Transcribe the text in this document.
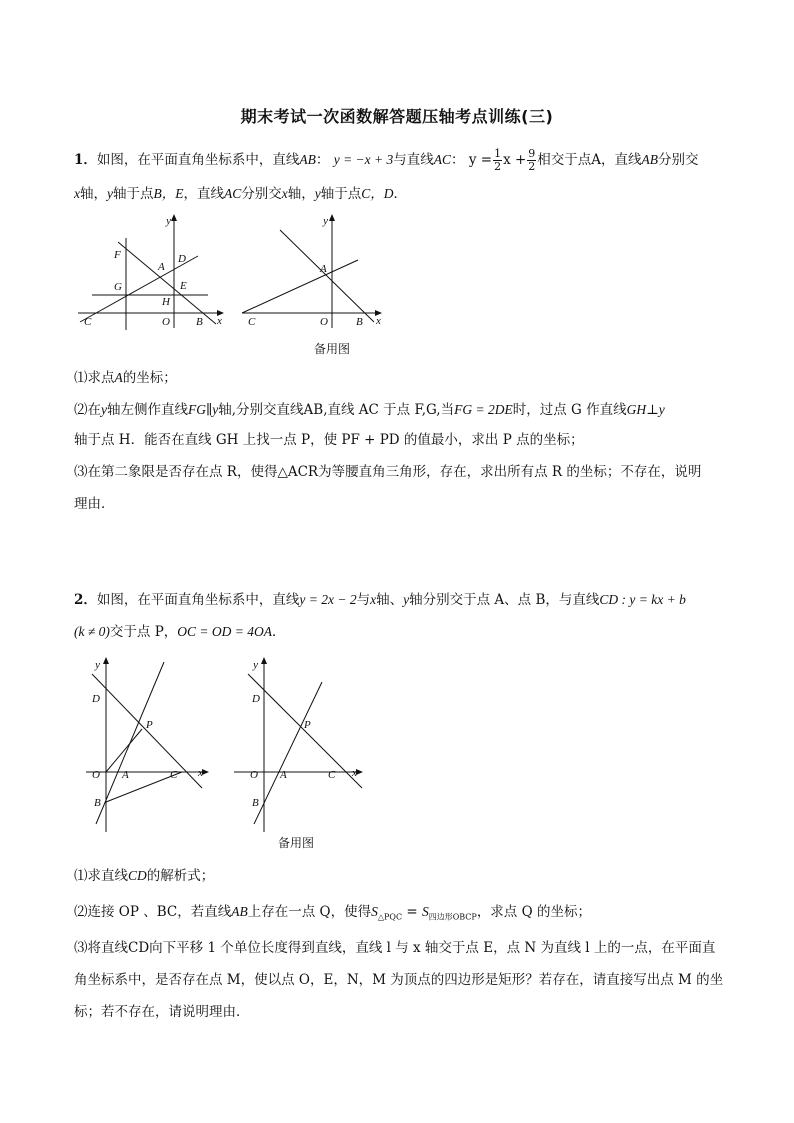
期末考试一次函数解答题压轴考点训练(三)
1．如图，在平面直角坐标系中，直线AB： y = −x + 3与直线AC： $y = \frac{1}{2}$ $x + \frac{9}{2}$ 相交于点A，直线AB分别交
x轴，y轴于点B，E，直线AC分别交x轴，y轴于点C，D．
y
x
F	D
A
G	E
H
C	O B
y
x
A
C	O	B
备用图
⑴求点A的坐标；
⑵在y轴左侧作直线FG∥y轴,分别交直线AB,直线 AC 于点 F,G,当FG = 2DE时，过点 G 作直线GH⊥y
轴于点 H．能否在直线 GH 上找一点 P，使 PF + PD 的值最小，求出 P 点的坐标；
⑶在第二象限是否存在点 R，使得△ACR为等腰直角三角形，存在，求出所有点 R 的坐标；不存在，说明
理由．
2．如图，在平面直角坐标系中，直线y = 2x − 2与x轴、y轴分别交于点 A、点 B，与直线CD : y = kx + b
(k ≠ 0)交于点 P，OC = OD = 4OA．
y
x
D
P
O A	C
B
y
x
D
P
O A	C
B
备用图
⑴求直线CD的解析式；
⑵连接 OP 、BC，若直线AB上存在一点 Q，使得$S_{\triangle PQC} = S_{四边形OBCP}$，求点 Q 的坐标；
⑶将直线CD向下平移 1 个单位长度得到直线，直线 l 与 x 轴交于点 E，点 N 为直线 l 上的一点，在平面直
角坐标系中，是否存在点 M，使以点 O，E，N，M 为顶点的四边形是矩形？若存在，请直接写出点 M 的坐
标；若不存在，请说明理由．
